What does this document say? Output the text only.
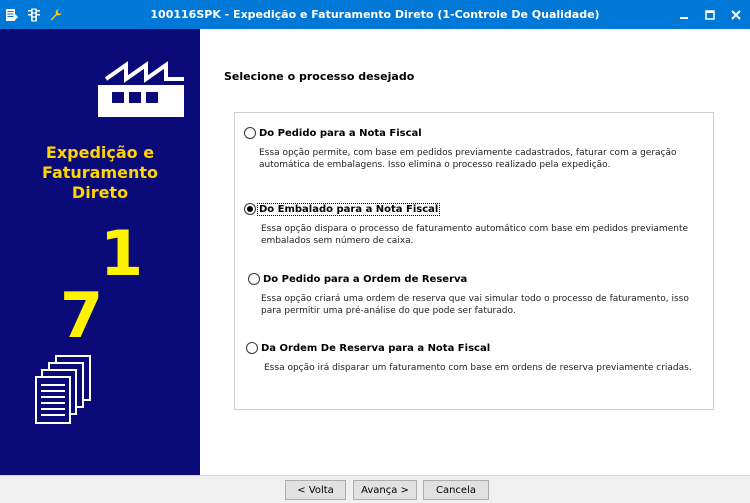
100116SPK - Expedição e Faturamento Direto (1-Controle De Qualidade)
Expedição e
Faturamento
Direto
1
7
Selecione o processo desejado
Do Pedido para a Nota Fiscal
Essa opção permite, com base em pedidos previamente cadastrados, faturar com a geração
automática de embalagens. Isso elimina o processo realizado pela expedição.
Do Embalado para a Nota Fiscal
Essa opção dispara o processo de faturamento automático com base em pedidos previamente
embalados sem número de caixa.
Do Pedido para a Ordem de Reserva
Essa opção criará uma ordem de reserva que vai simular todo o processo de faturamento, isso
para permitir uma pré-análise do que pode ser faturado.
Da Ordem De Reserva para a Nota Fiscal
Essa opção irá disparar um faturamento com base em ordens de reserva previamente criadas.
< Volta	Avança >	Cancela
